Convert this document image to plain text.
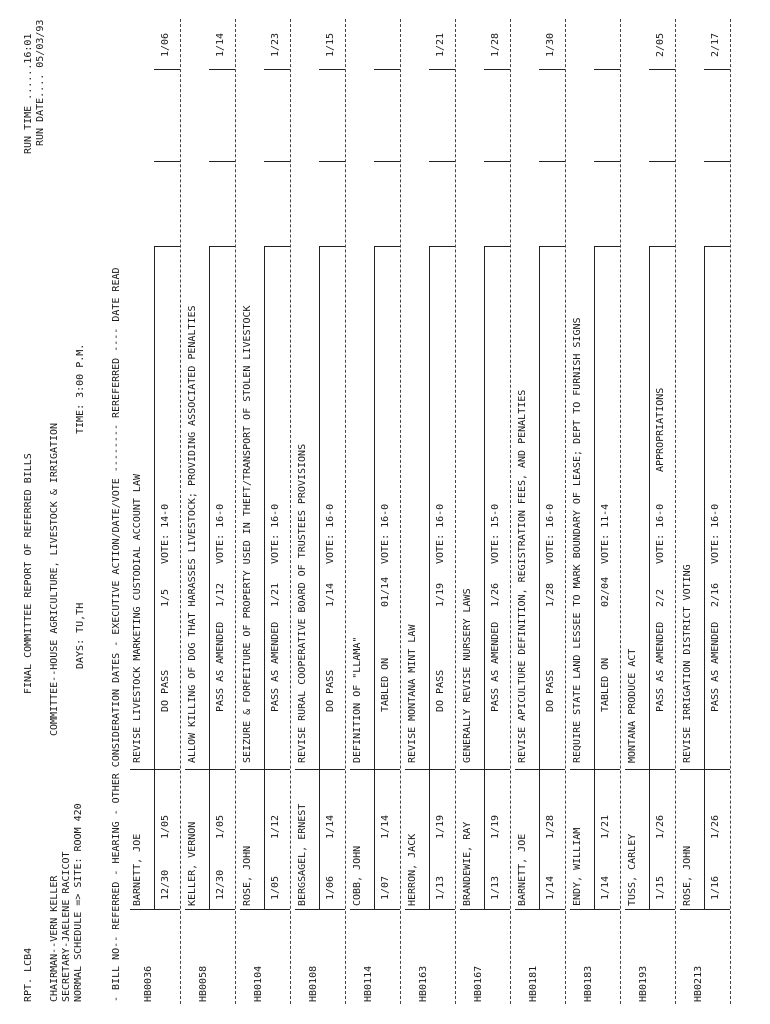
RPT. LCB4
FINAL COMMITTEE REPORT OF REFERRED BILLS
RUN TIME ......16:01 RUN DATE.... 05/03/93
CHAIRMAN--VERN KELLER SECRETARY-JAELENE RACICOT NORMAL SCHEDULE => SITE: ROOM 420
COMMITTEE--HOUSE AGRICULTURE, LIVESTOCK & IRRIGATION DAYS: TU,TH
TIME: 3:00 P.M.	- BILL NO-- REFERRED - HEARING - OTHER CONSIDERATION DATES - EXECUTIVE ACTION/DATE/VOTE -------- REREFERRED ---- DATE READ HB0036
BARNETT, JOE 12/30
1/05
REVISE LIVESTOCK MARKETING CUSTODIAL ACCOUNT LAW DO PASS
1/5
VOTE: 14-0
1/06
HB0058
KELLER, VERNON 12/30
1/05
ALLOW KILLING OF DOG THAT HARASSES LIVESTOCK; PROVIDING ASSOCIATED PENALTIES PASS AS AMENDED
1/12
VOTE: 16-0
1/14
HB0104
ROSE, JOHN 1/05
1/12
SEIZURE & FORFEITURE OF PROPERTY USED IN THEFT/TRANSPORT OF STOLEN LIVESTOCK PASS AS AMENDED
1/21
VOTE: 16-0
1/23
HB0108
BERGSAGEL, ERNEST 1/06
1/14
REVISE RURAL COOPERATIVE BOARD OF TRUSTEES PROVISIONS DO PASS
1/14
VOTE: 16-0
1/15
HB0114
COBB, JOHN 1/07
1/14
DEFINITION OF "LLAMA" TABLED ON
01/14
VOTE: 16-0
HB0163
HERRON, JACK 1/13
1/19
REVISE MONTANA MINT LAW DO PASS
1/19
VOTE: 16-0
1/21
HB0167
BRANDEWIE, RAY 1/13
1/19
GENERALLY REVISE NURSERY LAWS PASS AS AMENDED
1/26
VOTE: 15-0
1/28
HB0181
BARNETT, JOE 1/14
1/28
REVISE APICULTURE DEFINITION, REGISTRATION FEES, AND PENALTIES DO PASS
1/28
VOTE: 16-0
1/30
HB0183
ENDY, WILLIAM 1/14
1/21
REQUIRE STATE LAND LESSEE TO MARK BOUNDARY OF LEASE; DEPT TO FURNISH SIGNS TABLED ON
02/04
VOTE: 11-4
HB0193
TUSS, CARLEY 1/15
1/26
MONTANA PRODUCE ACT PASS AS AMENDED
2/2
VOTE: 16-0
APPROPRIATIONS
2/05
HB0213
ROSE, JOHN 1/16
1/26
REVISE IRRIGATION DISTRICT VOTING PASS AS AMENDED
2/16
VOTE: 16-0
2/17
